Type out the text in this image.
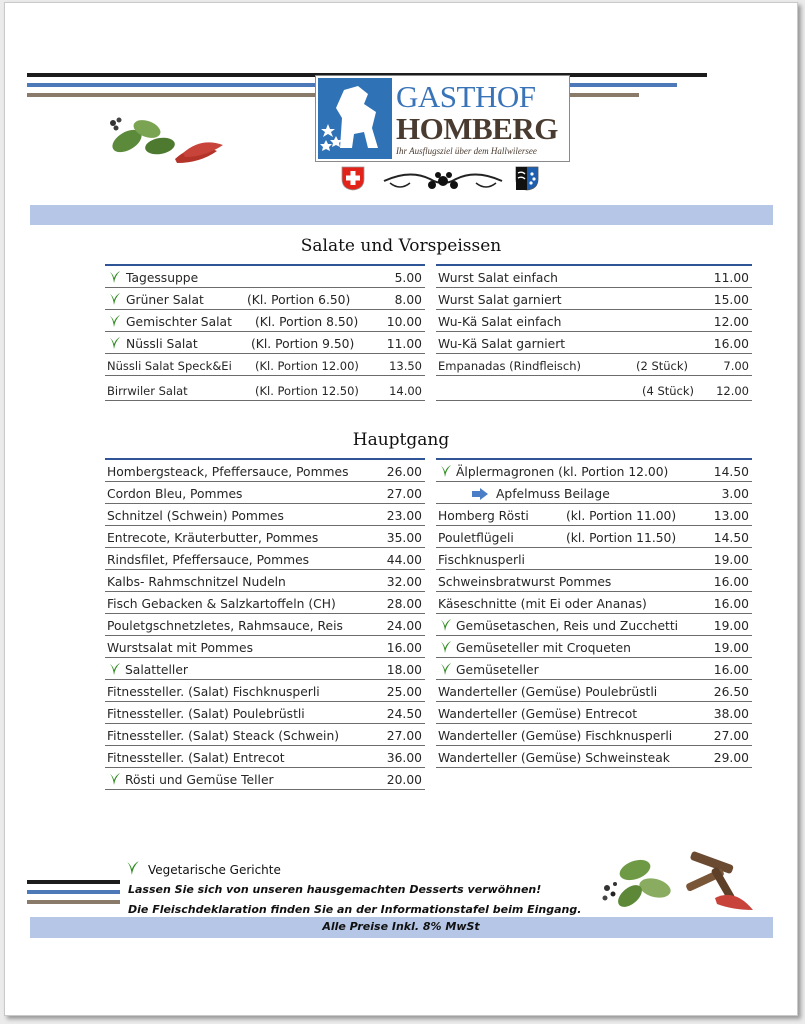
GASTHOF
HOMBERG
Ihr Ausflugsziel über dem Hallwilersee
Salate und Vorspeissen
Tagessuppe	5.00
Grüner Salat	(Kl. Portion 6.50)	8.00
Gemischter Salat (Kl. Portion 8.50) 10.00
Nüssli Salat	(Kl. Portion 9.50)	11.00
Nüssli Salat Speck&Ei (Kl. Portion 12.00)	13.50
Birrwiler Salat	(Kl. Portion 12.50)	14.00
Wurst Salat einfach	11.00
Wurst Salat garniert	15.00
Wu-Kä Salat einfach	12.00
Wu-Kä Salat garniert	16.00
Empanadas (Rindfleisch)	(2 Stück)	7.00
(4 Stück) 12.00
Hauptgang
Hombergsteack, Pfeffersauce, Pommes	26.00
Cordon Bleu, Pommes	27.00
Schnitzel (Schwein) Pommes	23.00
Entrecote, Kräuterbutter, Pommes	35.00
Rindsfilet, Pfeffersauce, Pommes	44.00
Kalbs- Rahmschnitzel Nudeln	32.00
Fisch Gebacken & Salzkartoffeln (CH)	28.00
Pouletgschnetzletes, Rahmsauce, Reis	24.00
Wurstsalat mit Pommes	16.00
Salatteller	18.00
Fitnessteller. (Salat) Fischknusperli	25.00
Fitnessteller. (Salat) Poulebrüstli	24.50
Fitnessteller. (Salat) Steack (Schwein)	27.00
Fitnessteller. (Salat) Entrecot	36.00
Rösti und Gemüse Teller	20.00
Älplermagronen (kl. Portion 12.00)	14.50
Apfelmuss Beilage	3.00
Homberg Rösti	(kl. Portion 11.00)	13.00
Pouletflügeli	(kl. Portion 11.50)	14.50
Fischknusperli	19.00
Schweinsbratwurst Pommes	16.00
Käseschnitte (mit Ei oder Ananas)	16.00
Gemüsetaschen, Reis und Zucchetti	19.00
Gemüseteller mit Croqueten	19.00
Gemüseteller	16.00
Wanderteller (Gemüse) Poulebrüstli	26.50
Wanderteller (Gemüse) Entrecot	38.00
Wanderteller (Gemüse) Fischknusperli	27.00
Wanderteller (Gemüse) Schweinsteak	29.00
Vegetarische Gerichte
Lassen Sie sich von unseren hausgemachten Desserts verwöhnen!
Die Fleischdeklaration finden Sie an der Informationstafel beim Eingang.
Alle Preise Inkl. 8% MwSt
